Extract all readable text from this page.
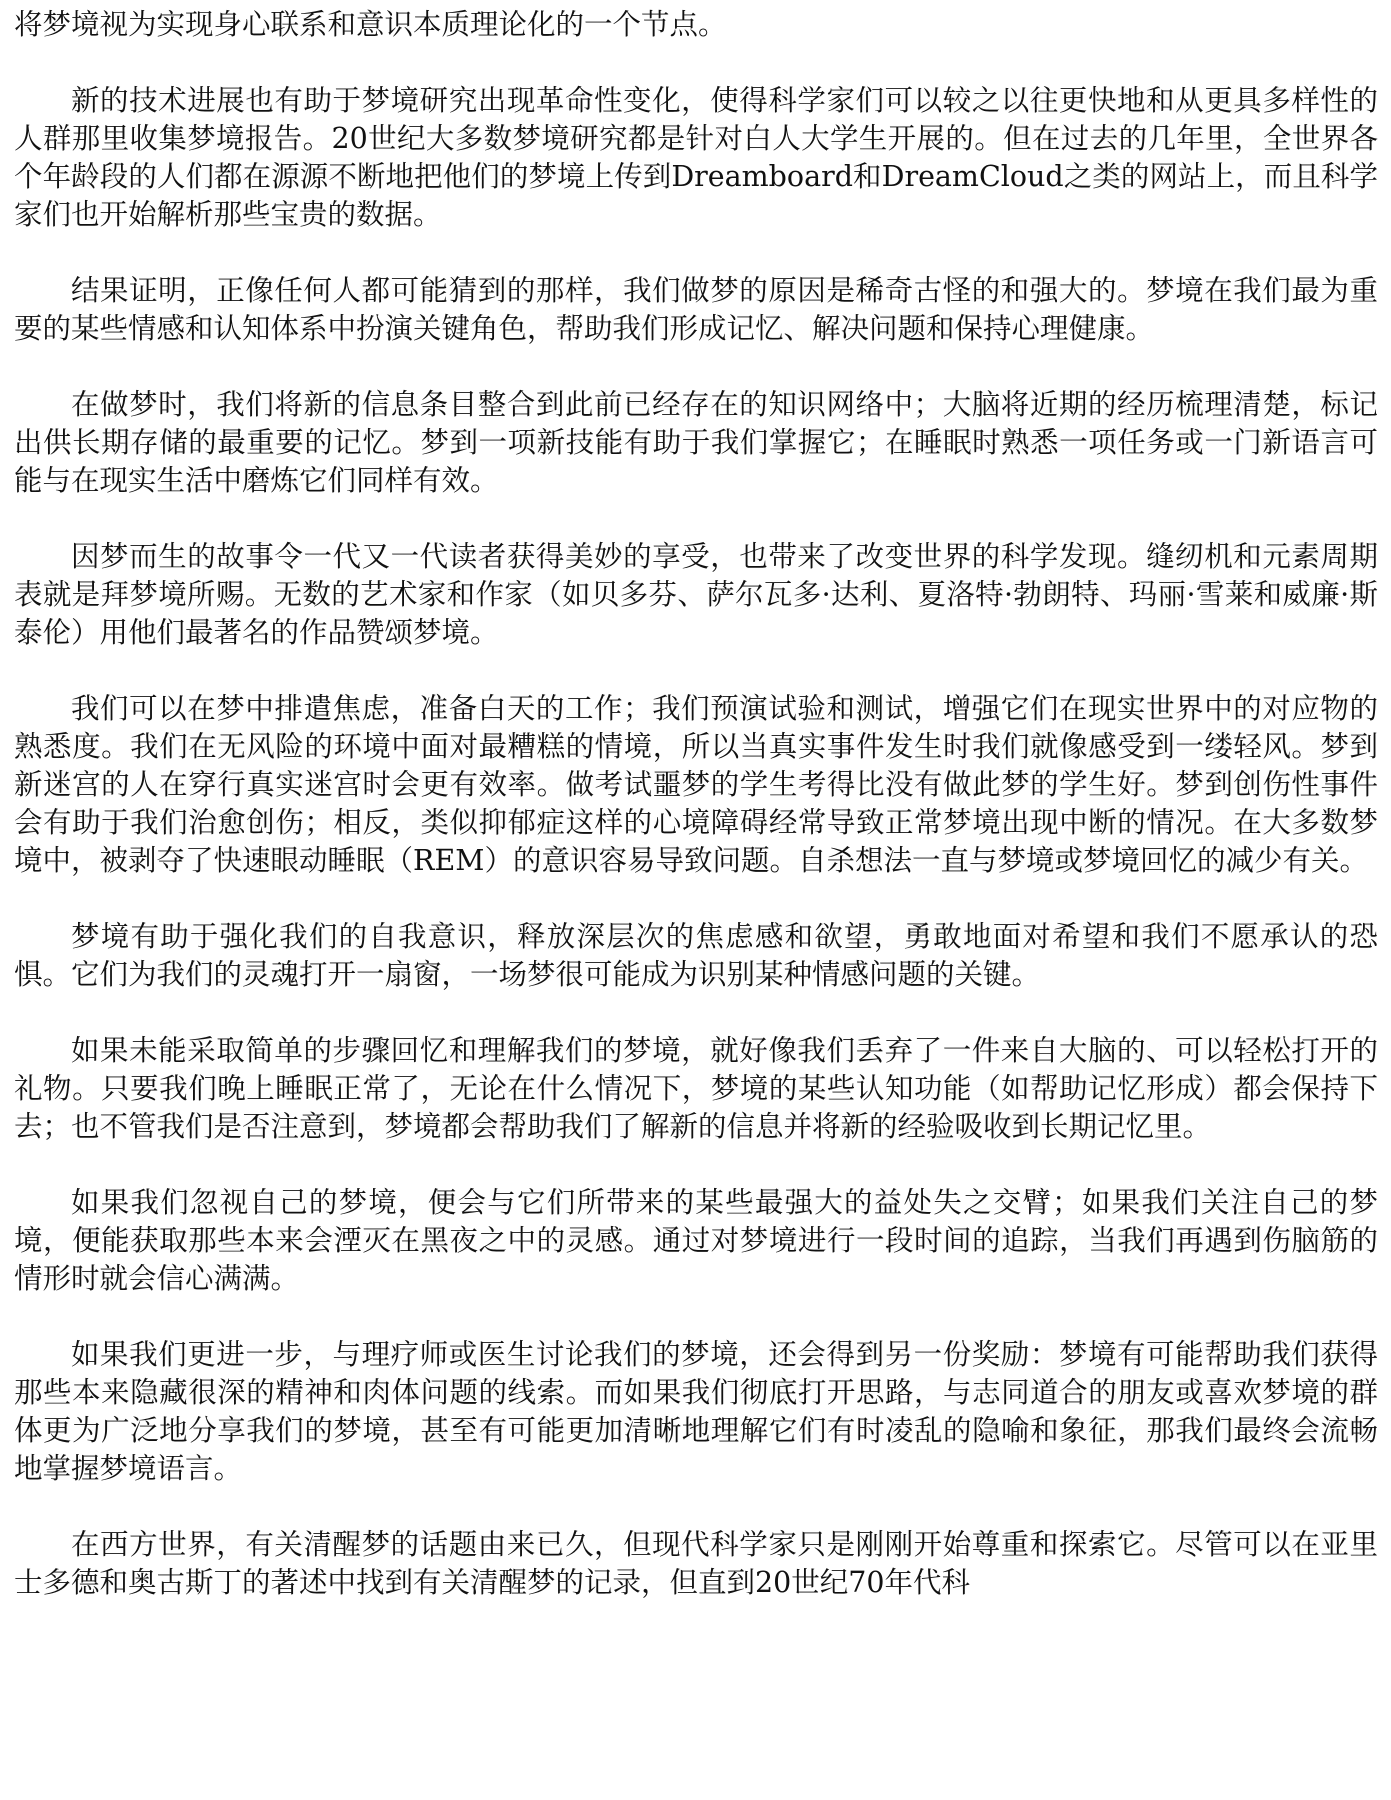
将梦境视为实现身心联系和意识本质理论化的一个节点。

新的技术进展也有助于梦境研究出现革命性变化，使得科学家们可以较之以往更快地和从更具多样性的人群那里收集梦境报告。20世纪大多数梦境研究都是针对白人大学生开展的。但在过去的几年里，全世界各个年龄段的人们都在源源不断地把他们的梦境上传到Dreamboard和DreamCloud之类的网站上，而且科学家们也开始解析那些宝贵的数据。

结果证明，正像任何人都可能猜到的那样，我们做梦的原因是稀奇古怪的和强大的。梦境在我们最为重要的某些情感和认知体系中扮演关键角色，帮助我们形成记忆、解决问题和保持心理健康。

在做梦时，我们将新的信息条目整合到此前已经存在的知识网络中；大脑将近期的经历梳理清楚，标记出供长期存储的最重要的记忆。梦到一项新技能有助于我们掌握它；在睡眠时熟悉一项任务或一门新语言可能与在现实生活中磨炼它们同样有效。

因梦而生的故事令一代又一代读者获得美妙的享受，也带来了改变世界的科学发现。缝纫机和元素周期表就是拜梦境所赐。无数的艺术家和作家（如贝多芬、萨尔瓦多·达利、夏洛特·勃朗特、玛丽·雪莱和威廉·斯泰伦）用他们最著名的作品赞颂梦境。

我们可以在梦中排遣焦虑，准备白天的工作；我们预演试验和测试，增强它们在现实世界中的对应物的熟悉度。我们在无风险的环境中面对最糟糕的情境，所以当真实事件发生时我们就像感受到一缕轻风。梦到新迷宫的人在穿行真实迷宫时会更有效率。做考试噩梦的学生考得比没有做此梦的学生好。梦到创伤性事件会有助于我们治愈创伤；相反，类似抑郁症这样的心境障碍经常导致正常梦境出现中断的情况。在大多数梦境中，被剥夺了快速眼动睡眠（REM）的意识容易导致问题。自杀想法一直与梦境或梦境回忆的减少有关。

梦境有助于强化我们的自我意识，释放深层次的焦虑感和欲望，勇敢地面对希望和我们不愿承认的恐惧。它们为我们的灵魂打开一扇窗，一场梦很可能成为识别某种情感问题的关键。

如果未能采取简单的步骤回忆和理解我们的梦境，就好像我们丢弃了一件来自大脑的、可以轻松打开的礼物。只要我们晚上睡眠正常了，无论在什么情况下，梦境的某些认知功能（如帮助记忆形成）都会保持下去；也不管我们是否注意到，梦境都会帮助我们了解新的信息并将新的经验吸收到长期记忆里。

如果我们忽视自己的梦境，便会与它们所带来的某些最强大的益处失之交臂；如果我们关注自己的梦境，便能获取那些本来会湮灭在黑夜之中的灵感。通过对梦境进行一段时间的追踪，当我们再遇到伤脑筋的情形时就会信心满满。

如果我们更进一步，与理疗师或医生讨论我们的梦境，还会得到另一份奖励：梦境有可能帮助我们获得那些本来隐藏很深的精神和肉体问题的线索。而如果我们彻底打开思路，与志同道合的朋友或喜欢梦境的群体更为广泛地分享我们的梦境，甚至有可能更加清晰地理解它们有时凌乱的隐喻和象征，那我们最终会流畅地掌握梦境语言。

在西方世界，有关清醒梦的话题由来已久，但现代科学家只是刚刚开始尊重和探索它。尽管可以在亚里士多德和奥古斯丁的著述中找到有关清醒梦的记录，但直到20世纪70年代科
